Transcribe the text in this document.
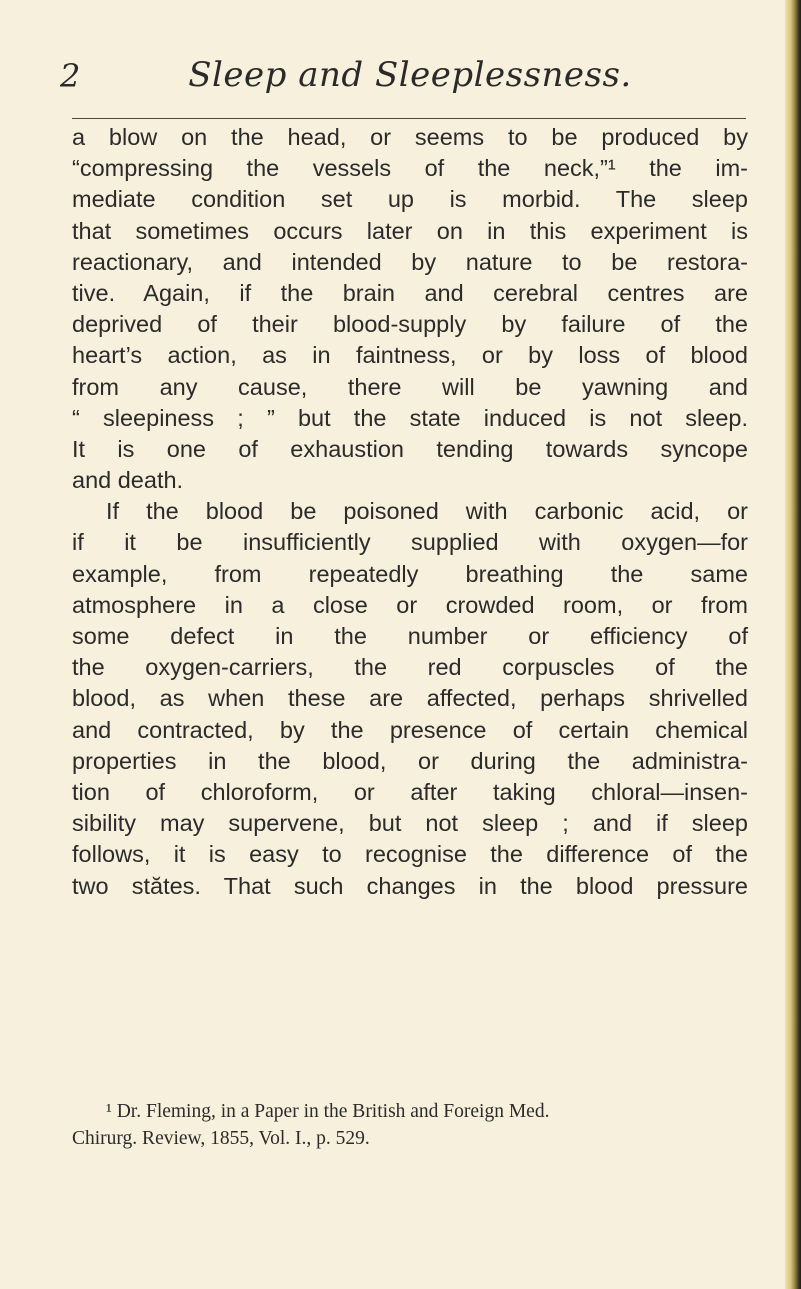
2	Sleep and Sleeplessness.
a blow on the head, or seems to be produced by
“compressing the vessels of the neck,”¹ the im-
mediate condition set up is morbid. The sleep
that sometimes occurs later on in this experiment is
reactionary, and intended by nature to be restora-
tive. Again, if the brain and cerebral centres are
deprived of their blood-supply by failure of the
heart’s action, as in faintness, or by loss of blood
from any cause, there will be yawning and
“ sleepiness ; ” but the state induced is not sleep.
It is one of exhaustion tending towards syncope
and death.
If the blood be poisoned with carbonic acid, or
if it be insufficiently supplied with oxygen—for
example, from repeatedly breathing the same
atmosphere in a close or crowded room, or from
some defect in the number or efficiency of
the oxygen-carriers, the red corpuscles of the
blood, as when these are affected, perhaps shrivelled
and contracted, by the presence of certain chemical
properties in the blood, or during the administra-
tion of chloroform, or after taking chloral—insen-
sibility may supervene, but not sleep ; and if sleep
follows, it is easy to recognise the difference of the
two stătes. That such changes in the blood pressure
¹ Dr. Fleming, in a Paper in the British and Foreign Med.
Chirurg. Review, 1855, Vol. I., p. 529.
